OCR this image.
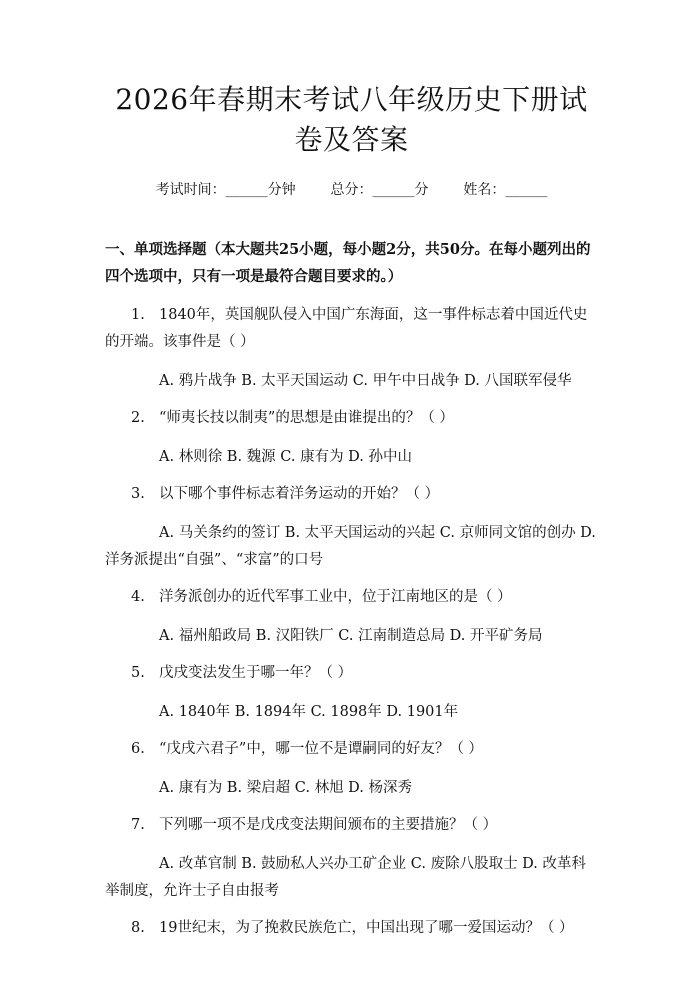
2026年春期末考试八年级历史下册试卷及答案
考试时间：______分钟 总分：______分 姓名：______
一、单项选择题（本大题共25小题，每小题2分，共50分。在每小题列出的四个选项中，只有一项是最符合题目要求的。）
1. 1840年，英国舰队侵入中国广东海面，这一事件标志着中国近代史的开端。该事件是（ ）
A. 鸦片战争 B. 太平天国运动 C. 甲午中日战争 D. 八国联军侵华
2. “师夷长技以制夷”的思想是由谁提出的？（ ）
A. 林则徐 B. 魏源 C. 康有为 D. 孙中山
3. 以下哪个事件标志着洋务运动的开始？（ ）
A. 马关条约的签订 B. 太平天国运动的兴起 C. 京师同文馆的创办 D. 洋务派提出“自强”、“求富”的口号
4. 洋务派创办的近代军事工业中，位于江南地区的是（ ）
A. 福州船政局 B. 汉阳铁厂 C. 江南制造总局 D. 开平矿务局
5. 戊戌变法发生于哪一年？（ ）
A. 1840年 B. 1894年 C. 1898年 D. 1901年
6. “戊戌六君子”中，哪一位不是谭嗣同的好友？（ ）
A. 康有为 B. 梁启超 C. 林旭 D. 杨深秀
7. 下列哪一项不是戊戌变法期间颁布的主要措施？（ ）
A. 改革官制 B. 鼓励私人兴办工矿企业 C. 废除八股取士 D. 改革科举制度，允许士子自由报考
8. 19世纪末，为了挽救民族危亡，中国出现了哪一爱国运动？（ ）
